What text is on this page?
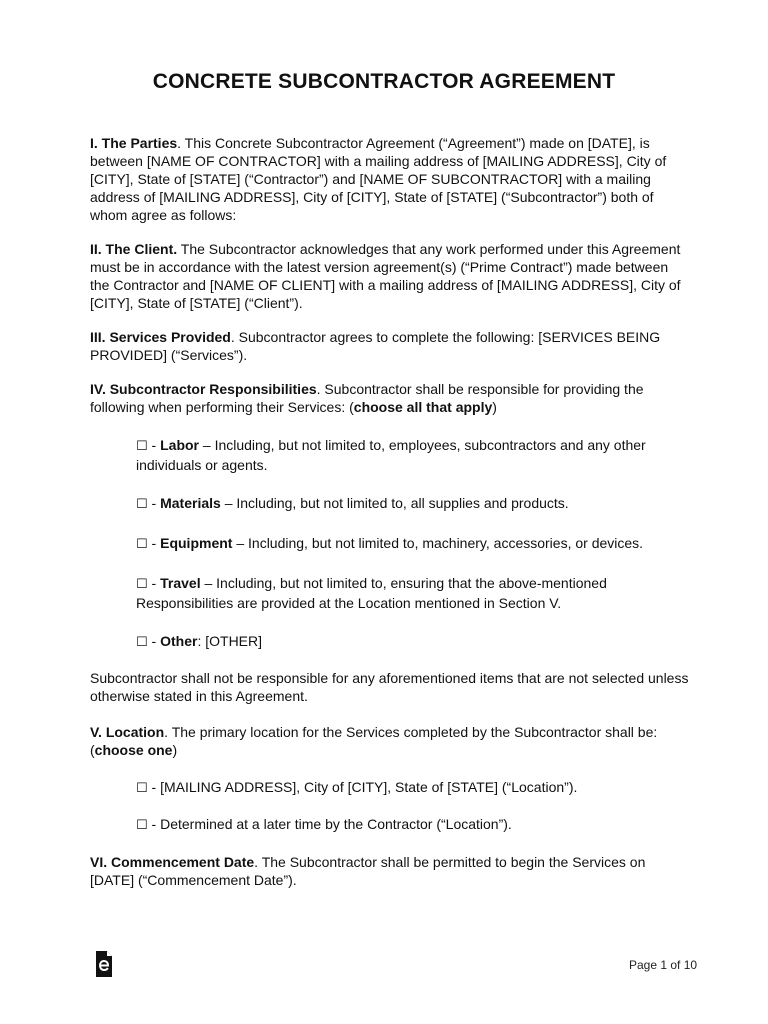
CONCRETE SUBCONTRACTOR AGREEMENT

I. The Parties. This Concrete Subcontractor Agreement (“Agreement”) made on [DATE], is between [NAME OF CONTRACTOR] with a mailing address of [MAILING ADDRESS], City of [CITY], State of [STATE] (“Contractor”) and [NAME OF SUBCONTRACTOR] with a mailing address of [MAILING ADDRESS], City of [CITY], State of [STATE] (“Subcontractor”) both of whom agree as follows:

II. The Client. The Subcontractor acknowledges that any work performed under this Agreement must be in accordance with the latest version agreement(s) (“Prime Contract”) made between the Contractor and [NAME OF CLIENT] with a mailing address of [MAILING ADDRESS], City of [CITY], State of [STATE] (“Client”).

III. Services Provided. Subcontractor agrees to complete the following: [SERVICES BEING PROVIDED] (“Services”).

IV. Subcontractor Responsibilities. Subcontractor shall be responsible for providing the following when performing their Services: (choose all that apply)

☐ - Labor – Including, but not limited to, employees, subcontractors and any other individuals or agents.

☐ - Materials – Including, but not limited to, all supplies and products.

☐ - Equipment – Including, but not limited to, machinery, accessories, or devices.

☐ - Travel – Including, but not limited to, ensuring that the above-mentioned Responsibilities are provided at the Location mentioned in Section V.

☐ - Other: [OTHER]

Subcontractor shall not be responsible for any aforementioned items that are not selected unless otherwise stated in this Agreement.

V. Location. The primary location for the Services completed by the Subcontractor shall be: (choose one)

☐ - [MAILING ADDRESS], City of [CITY], State of [STATE] (“Location”).

☐ - Determined at a later time by the Contractor (“Location”).

VI. Commencement Date. The Subcontractor shall be permitted to begin the Services on [DATE] (“Commencement Date”).

Page 1 of 10
